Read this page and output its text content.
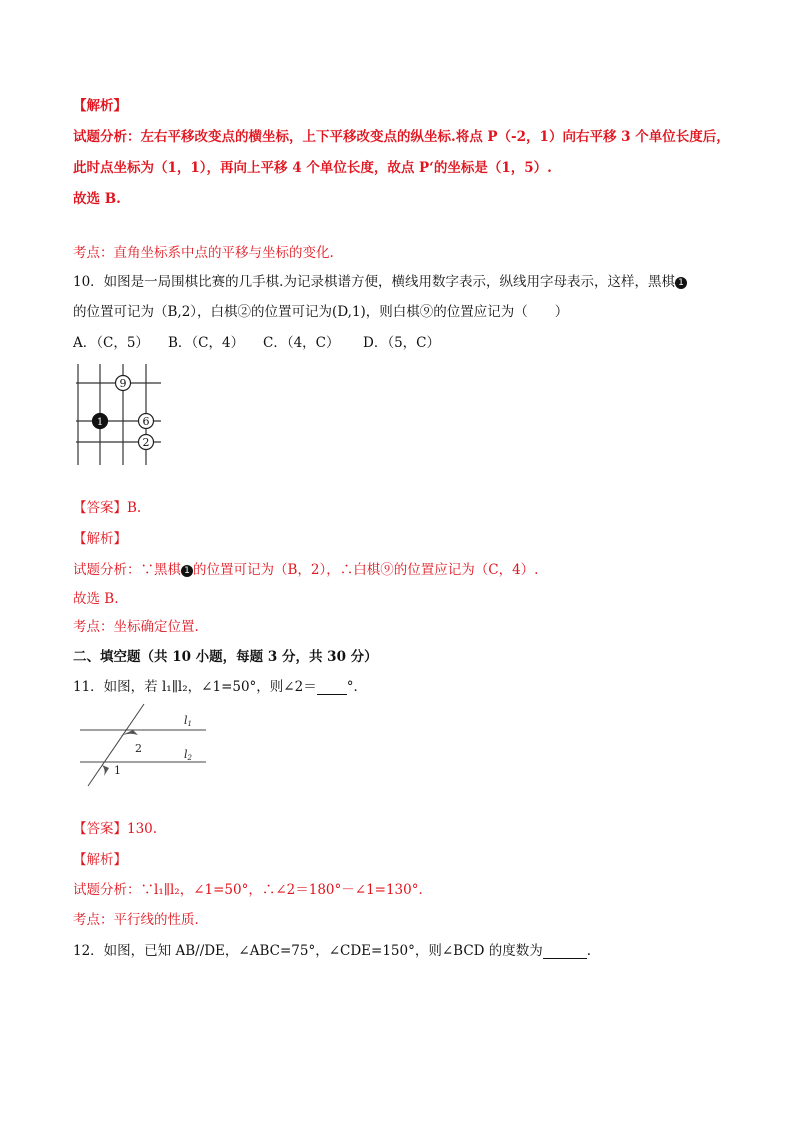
【解析】
试题分析：左右平移改变点的横坐标，上下平移改变点的纵坐标.将点 P（-2，1）向右平移 3 个单位长度后，
此时点坐标为（1，1），再向上平移 4 个单位长度，故点 P‘的坐标是（1，5）.
故选 B.
考点：直角坐标系中点的平移与坐标的变化.
10．如图是一局围棋比赛的几手棋.为记录棋谱方便，横线用数字表示，纵线用字母表示，这样，黑棋 1
的位置可记为（B,2），白棋②的位置可记为(D,1)，则白棋⑨的位置应记为（　　）
A．（C，5） B．（C，4） C．（4，C） D．（5，C）
9
1	6
2
【答案】B.
【解析】
试题分析：∵黑棋 1 的位置可记为（B，2），∴白棋⑨的位置应记为（C，4）.
故选 B.
考点：坐标确定位置.
二、填空题（共 10 小题，每题 3 分，共 30 分）
11．如图，若 l₁∥l₂，∠1=50°，则∠2＝ °．
l1
l2
2
1
【答案】130.
【解析】
试题分析：∵l₁∥l₂，∠1=50°，∴∠2＝180°－∠1=130°．
考点：平行线的性质.
12．如图，已知 AB//DE，∠ABC=75°，∠CDE=150°，则∠BCD 的度数为	.
